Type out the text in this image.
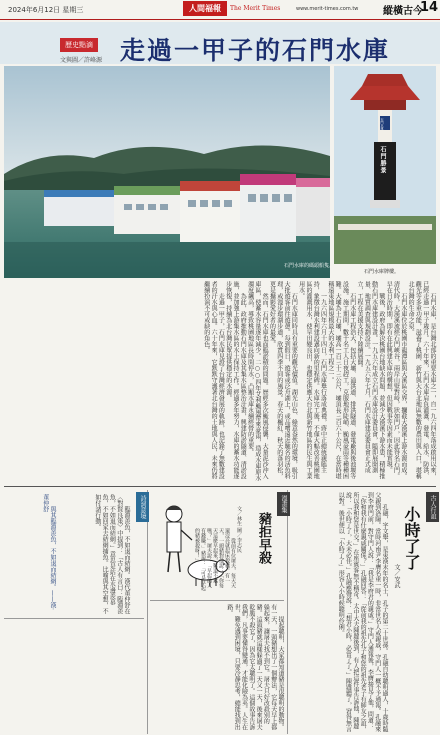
2024年6月12日 星期三	人間福報	The Merit Times	www.merit-times.com.tw 縱橫古今
14
歷史點滴
文與圖／許峰源 走過一甲子的石門水庫
石門水庫的碼頭船隻。
石門水庫
石門勝景
石門水庫牌樓。

石門水庫，是台灣北部的重要水庫之一，自一九六四年落成啟用以來，已經走過一甲子歲月。六十年來，石門水庫肩負灌溉、發電、給水、防洪、觀光等多重功能，滋養了桃園、新竹與大台北地區無數的農田與人口，堪稱北台灣的生命之泉。

石門水庫位於桃園市龍潭區與大溪區交界，攔截大漢溪上游水源而成。清代時，大漢溪流經石門峽谷，兩岸山壁對峙，狀如門戶，因此得名石門。早在日治時期，即有在此興建水庫的構想，但因戰事等因素而未能實現。

戰後，政府為解決桃園台地缺水問題，並減少大漢溪下游水患，積極推動石門水庫建設計畫。一九五六年成立石門水庫設計委員會，隨即展開測量、地質調查與規劃設計。一九五六年七月，石門水庫建設委員會正式成立，工程在美援支持下陸續展開。

石門水庫工程浩大，包括大壩、溢洪道、排洪隧道、發電廠與後池堰等設施。施工期間，數千名工人日夜趕工，克服地形陡峭、颱風豪雨等種種困難。大壩為土石壩，壩高一百三十三公尺，壩頂長三百六十公尺，在當時堪稱遠東地區規模最大的水利工程之一。

一九六四年六月十四日，石門水庫舉行落成典禮，蔣中正總統親臨主持，象徵台灣水利建設邁向新的里程碑。水庫完工後，不僅大幅改善桃園地區的灌溉用水，使旱田變良田，也穩定供應大台北與新竹地區的民生與工業用水。

石門水庫同時具有重要的觀光價值。湖光山色、綠意盎然的環境，吸引大批遊客前往遊憩。每到假日，遊客或泛舟湖上，或品嚐遠近馳名的活魚料理，或漫步環湖步道，欣賞四季不同的風景。春天的楓紅、秋天的落羽松，更是攝影愛好者的最愛。

然而，石門水庫也面臨淤積的問題。歷經多次颱風侵襲，大量泥沙沖入庫區，使蓄水容量逐年減少。二○○四年艾利颱風帶來豪雨，造成水庫原水濁度飆高，導致桃園地區長時間停水，凸顯水庫永續經營的重要。

為此，政府推動石門水庫及其集水區整治計畫，興建防淤隧道、清淤設施，並加強上游集水區的水土保持工作。經過多年努力，水庫的蓄水功能逐步恢復，持續為北台灣民眾提供穩定的水源。

走過一甲子，石門水庫見證了台灣經濟發展的軌跡，也記錄了無數建設者的汗水與心血。六十年來，它默默守護著北台灣的土地與人民，未來仍將繼續扮演不可或缺的角色。

古人行誼
小時了了
文／安武

孔融，字文舉，是東漢末年的名士，孔子的第二十世孫。孔融自幼聰明過人，十歲時隨父親到洛陽。當時河南尹李膺名重一時，非當世名人或親戚，守門人一概不予通報。孔融來到李府門前，對守門人說：「我是李府君的親戚。」守門人通報後，李膺接見了他，問道：「你和我有什麼親戚關係？」孔融回答：「從前我的祖先孔子和您的祖先老子有師友之誼，所以我和您是世交。」在座賓客無不稱奇。太中大夫陳韙後到，有人把這件事告訴他，陳韙說：「小時了了，大未必佳。」孔融應聲說：「想君小時，必當了了。」陳韙聽了，窘得無言以對。後世便以「小時了了」形容人小時候聰明伶俐。

漫畫集
豬拒早殺
文／林生 圖／李志民

從前有位屠夫，每天天還沒亮就起床殺豬。有一天，一頭豬對他說：「你每天這麼早起來，難道不累嗎？」屠夫說：「早起的人有錢賺。」豬說：「可是早起的豬被殺呀！」

提起聰明，大家都知道豬是很聰明的動物。有一天，一頭豬想出了一個辦法，它每天早上都躲起來，讓屠夫找不到它。屠夫只好改殺別的豬。這頭豬就這樣躲過了一天又一天，後來屠夫乾脆不殺它了，因為它太聰明了。這個故事告訴我們，凡事要懂得變通，才能化險為夷。人生在世，難免遇到困境，只要冷靜思考，總能找到出路。

詩詞意境

臨淵羨魚，不如退而結網。漢代董仲舒在〈對賢良策〉中提到：「古人有言曰：臨淵羨魚，不如退而結網。」意思是站在水邊羨慕魚，不如回家去結網捕魚。比喻與其空想，不如付諸行動。

與其臨淵羨魚，不如退而結網。——漢‧董仲舒
